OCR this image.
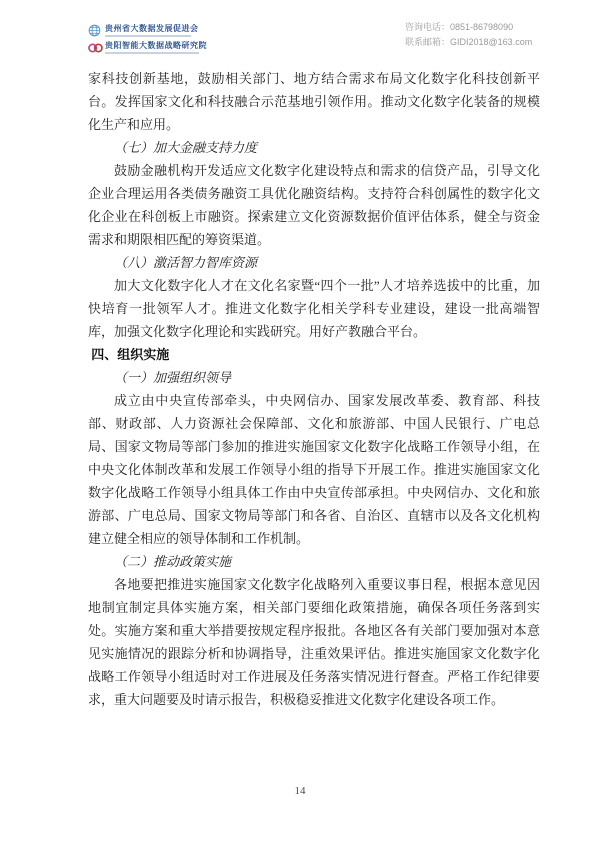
贵州省大数据发展促进会
贵阳智能大数据战略研究院
咨询电话：0851-86798090
联系邮箱：GIDI2018@163.com

家科技创新基地，鼓励相关部门、地方结合需求布局文化数字化科技创新平台。发挥国家文化和科技融合示范基地引领作用。推动文化数字化装备的规模化生产和应用。

（七）加大金融支持力度

鼓励金融机构开发适应文化数字化建设特点和需求的信贷产品，引导文化企业合理运用各类债务融资工具优化融资结构。支持符合科创属性的数字化文化企业在科创板上市融资。探索建立文化资源数据价值评估体系，健全与资金需求和期限相匹配的筹资渠道。

（八）激活智力智库资源

加大文化数字化人才在文化名家暨“四个一批”人才培养选拔中的比重，加快培育一批领军人才。推进文化数字化相关学科专业建设，建设一批高端智库，加强文化数字化理论和实践研究。用好产教融合平台。

四、组织实施

（一）加强组织领导

成立由中央宣传部牵头，中央网信办、国家发展改革委、教育部、科技部、财政部、人力资源社会保障部、文化和旅游部、中国人民银行、广电总局、国家文物局等部门参加的推进实施国家文化数字化战略工作领导小组，在中央文化体制改革和发展工作领导小组的指导下开展工作。推进实施国家文化数字化战略工作领导小组具体工作由中央宣传部承担。中央网信办、文化和旅游部、广电总局、国家文物局等部门和各省、自治区、直辖市以及各文化机构建立健全相应的领导体制和工作机制。

（二）推动政策实施

各地要把推进实施国家文化数字化战略列入重要议事日程，根据本意见因地制宜制定具体实施方案，相关部门要细化政策措施，确保各项任务落到实处。实施方案和重大举措要按规定程序报批。各地区各有关部门要加强对本意见实施情况的跟踪分析和协调指导，注重效果评估。推进实施国家文化数字化战略工作领导小组适时对工作进展及任务落实情况进行督查。严格工作纪律要求，重大问题要及时请示报告，积极稳妥推进文化数字化建设各项工作。

14
